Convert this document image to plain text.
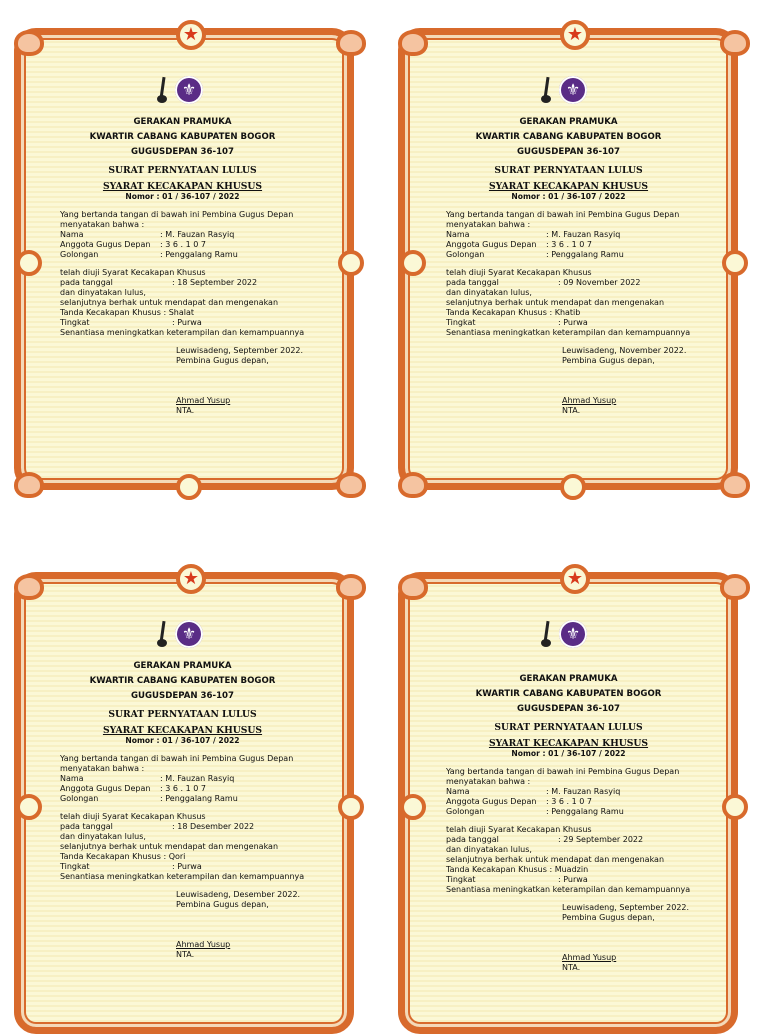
★
⚜
GERAKAN PRAMUKA
KWARTIR CABANG KABUPATEN BOGOR
GUGUSDEPAN 36-107
SURAT PERNYATAAN LULUS
SYARAT KECAKAPAN KHUSUS
Nomor : 01 / 36-107 / 2022
Yang bertanda tangan di bawah ini Pembina Gugus Depan
menyatakan bahwa :
Nama	: M. Fauzan Rasyiq
Anggota Gugus Depan	: 3 6 . 1 0 7
Golongan	: Penggalang Ramu
telah diuji Syarat Kecakapan Khusus
pada tanggal	: 18 September 2022
dan dinyatakan lulus,
selanjutnya berhak untuk mendapat dan mengenakan
Tanda Kecakapan Khusus :
Shalat
Tingkat	: Purwa
Senantiasa meningkatkan keterampilan dan kemampuannya
Leuwisadeng, September 2022.
Pembina Gugus depan,
Ahmad Yusup
NTA.
★
⚜
GERAKAN PRAMUKA
KWARTIR CABANG KABUPATEN BOGOR
GUGUSDEPAN 36-107
SURAT PERNYATAAN LULUS
SYARAT KECAKAPAN KHUSUS
Nomor : 01 / 36-107 / 2022
Yang bertanda tangan di bawah ini Pembina Gugus Depan
menyatakan bahwa :
Nama	: M. Fauzan Rasyiq
Anggota Gugus Depan	: 3 6 . 1 0 7
Golongan	: Penggalang Ramu
telah diuji Syarat Kecakapan Khusus
pada tanggal	: 09 November 2022
dan dinyatakan lulus,
selanjutnya berhak untuk mendapat dan mengenakan
Tanda Kecakapan Khusus :
Khatib
Tingkat	: Purwa
Senantiasa meningkatkan keterampilan dan kemampuannya
Leuwisadeng, November 2022.
Pembina Gugus depan,
Ahmad Yusup
NTA.
★
⚜
GERAKAN PRAMUKA
KWARTIR CABANG KABUPATEN BOGOR
GUGUSDEPAN 36-107
SURAT PERNYATAAN LULUS
SYARAT KECAKAPAN KHUSUS
Nomor : 01 / 36-107 / 2022
Yang bertanda tangan di bawah ini Pembina Gugus Depan
menyatakan bahwa :
Nama	: M. Fauzan Rasyiq
Anggota Gugus Depan	: 3 6 . 1 0 7
Golongan	: Penggalang Ramu
telah diuji Syarat Kecakapan Khusus
pada tanggal	: 18 Desember 2022
dan dinyatakan lulus,
selanjutnya berhak untuk mendapat dan mengenakan
Tanda Kecakapan Khusus :
Qori
Tingkat	: Purwa
Senantiasa meningkatkan keterampilan dan kemampuannya
Leuwisadeng, Desember 2022.
Pembina Gugus depan,
Ahmad Yusup
NTA.
★
⚜
GERAKAN PRAMUKA
KWARTIR CABANG KABUPATEN BOGOR
GUGUSDEPAN 36-107
SURAT PERNYATAAN LULUS
SYARAT KECAKAPAN KHUSUS
Nomor : 01 / 36-107 / 2022
Yang bertanda tangan di bawah ini Pembina Gugus Depan
menyatakan bahwa :
Nama	: M. Fauzan Rasyiq
Anggota Gugus Depan	: 3 6 . 1 0 7
Golongan	: Penggalang Ramu
telah diuji Syarat Kecakapan Khusus
pada tanggal	: 29 September 2022
dan dinyatakan lulus,
selanjutnya berhak untuk mendapat dan mengenakan
Tanda Kecakapan Khusus :
Muadzin
Tingkat	: Purwa
Senantiasa meningkatkan keterampilan dan kemampuannya
Leuwisadeng, September 2022.
Pembina Gugus depan,
Ahmad Yusup
NTA.
